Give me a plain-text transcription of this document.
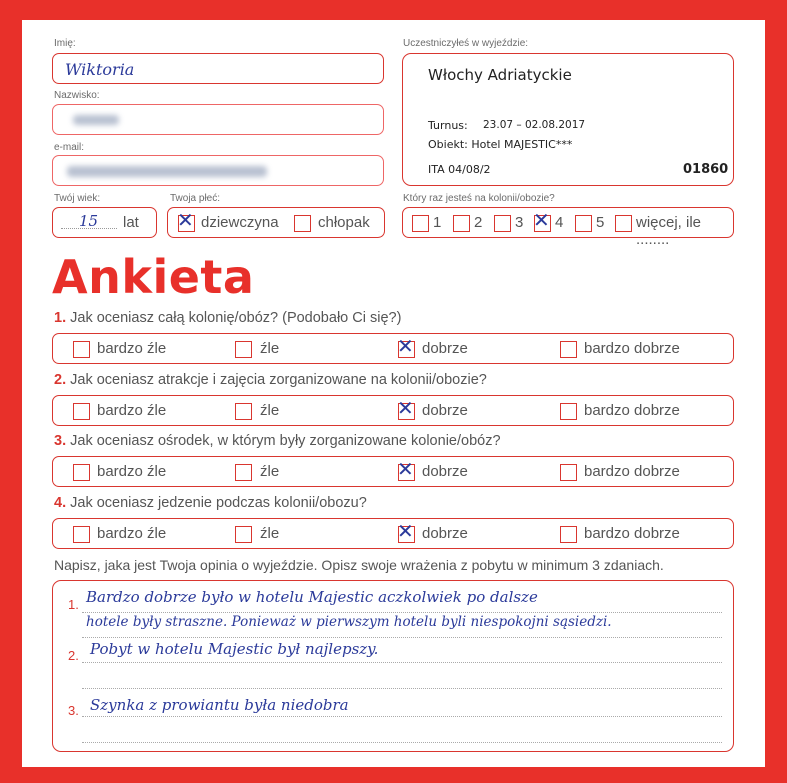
Imię:
Wiktoria
Nazwisko:
e-mail:
Twój wiek:
15 lat
Twoja płeć:
✕ dziewczyna	chłopak
Uczestniczyłeś w wyjeździe:
Włochy Adriatyckie
Turnus: 23.07 – 02.08.2017
Obiekt: Hotel MAJESTIC***
ITA 04/08/2	01860
Który raz jesteś na kolonii/obozie?
1 2 3 ✕ 4 5 więcej, ile ........
Ankieta
1. Jak oceniasz całą kolonię/obóz? (Podobało Ci się?)
bardzo źle	źle	✕ dobrze	bardzo dobrze
2. Jak oceniasz atrakcje i zajęcia zorganizowane na kolonii/obozie?
bardzo źle	źle	✕ dobrze	bardzo dobrze
3. Jak oceniasz ośrodek, w którym były zorganizowane kolonie/obóz?
bardzo źle	źle	✕ dobrze	bardzo dobrze
4. Jak oceniasz jedzenie podczas kolonii/obozu?
bardzo źle	źle	✕ dobrze	bardzo dobrze
Napisz, jaka jest Twoja opinia o wyjeździe. Opisz swoje wrażenia z pobytu w minimum 3 zdaniach.
1. Bardzo dobrze było w hotelu Majestic aczkolwiek po dalsze
hotele były straszne. Ponieważ w pierwszym hotelu byli niespokojni sąsiedzi.
2. Pobyt w hotelu Majestic był najlepszy.
3. Szynka z prowiantu była niedobra
